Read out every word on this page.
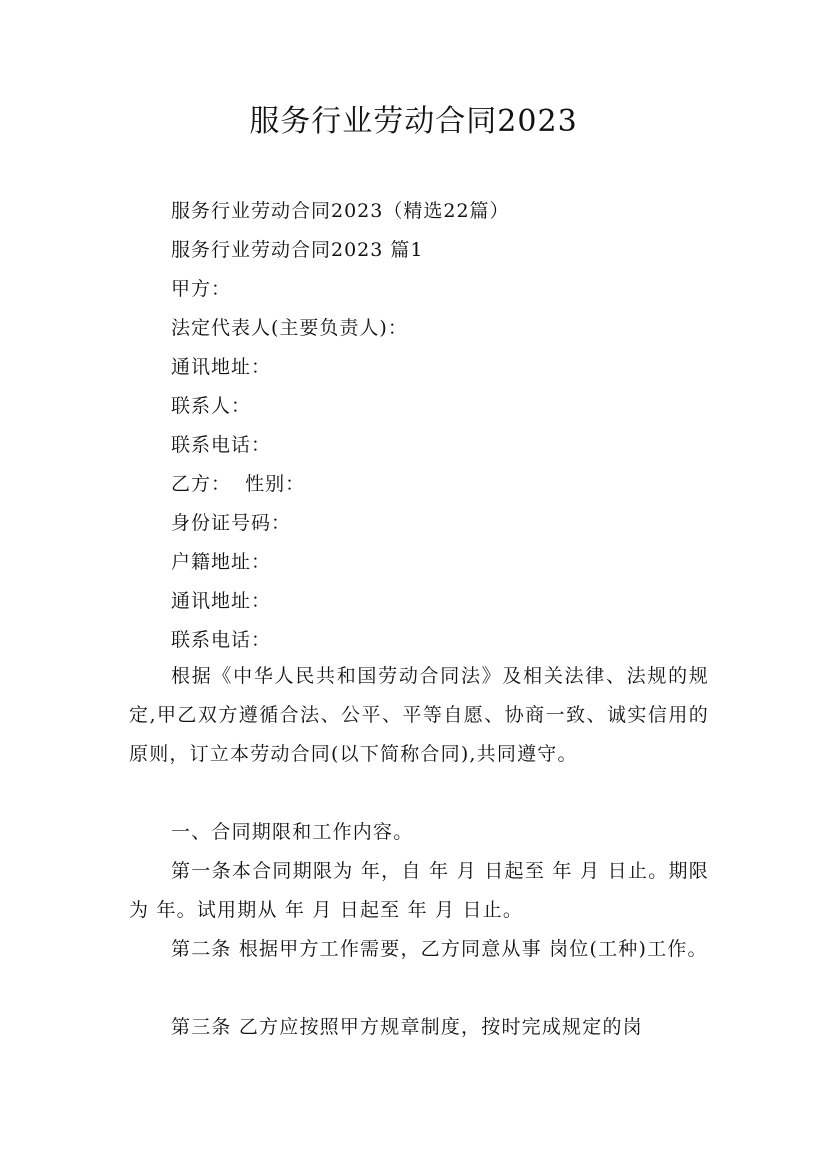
服务行业劳动合同2023
服务行业劳动合同2023（精选22篇）
服务行业劳动合同2023 篇1
甲方：
法定代表人(主要负责人)：
通讯地址：
联系人：
联系电话：
乙方：  性别：
身份证号码：
户籍地址：
通讯地址：
联系电话：
根据《中华人民共和国劳动合同法》及相关法律、法规的规定,甲乙双方遵循合法、公平、平等自愿、协商一致、诚实信用的原则，订立本劳动合同(以下简称合同),共同遵守。
一、合同期限和工作内容。
第一条本合同期限为 年，自 年 月 日起至 年 月 日止。期限为 年。试用期从 年 月 日起至 年 月 日止。
第二条 根据甲方工作需要，乙方同意从事 岗位(工种)工作。
第三条 乙方应按照甲方规章制度，按时完成规定的岗
